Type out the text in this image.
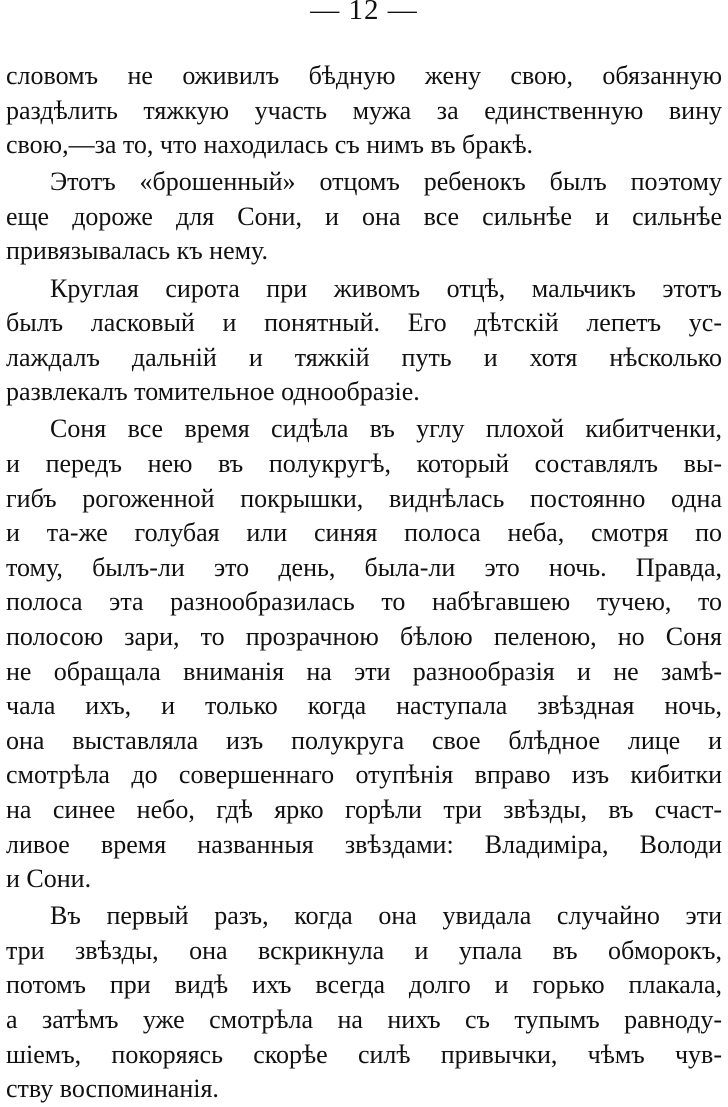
— 12 —
словомъ не оживилъ бѣдную жену свою, обязанную
раздѣлить тяжкую участь мужа за единственную вину
свою,—за то, что находилась съ нимъ въ бракѣ.
Этотъ «брошенный» отцомъ ребенокъ былъ поэтому
еще дороже для Сони, и она все сильнѣе и сильнѣе
привязывалась къ нему.
Круглая сирота при живомъ отцѣ, мальчикъ этотъ
былъ ласковый и понятный. Его дѣтскій лепетъ ус-
лаждалъ дальній и тяжкій путь и хотя нѣсколько
развлекалъ томительное однообразіе.
Соня все время сидѣла въ углу плохой кибитченки,
и передъ нею въ полукругѣ, который составлялъ вы-
гибъ рогоженной покрышки, виднѣлась постоянно одна
и та-же голубая или синяя полоса неба, смотря по
тому, былъ-ли это день, была-ли это ночь. Правда,
полоса эта разнообразилась то набѣгавшею тучею, то
полосою зари, то прозрачною бѣлою пеленою, но Соня
не обращала вниманія на эти разнообразія и не замѣ-
чала ихъ, и только когда наступала звѣздная ночь,
она выставляла изъ полукруга свое блѣдное лице и
смотрѣла до совершеннаго отупѣнія вправо изъ кибитки
на синее небо, гдѣ ярко горѣли три звѣзды, въ счаст-
ливое время названныя звѣздами: Владиміра, Володи
и Сони.
Въ первый разъ, когда она увидала случайно эти
три звѣзды, она вскрикнула и упала въ обморокъ,
потомъ при видѣ ихъ всегда долго и горько плакала,
а затѣмъ уже смотрѣла на нихъ съ тупымъ равноду-
шіемъ, покоряясь скорѣе силѣ привычки, чѣмъ чув-
ству воспоминанія.
